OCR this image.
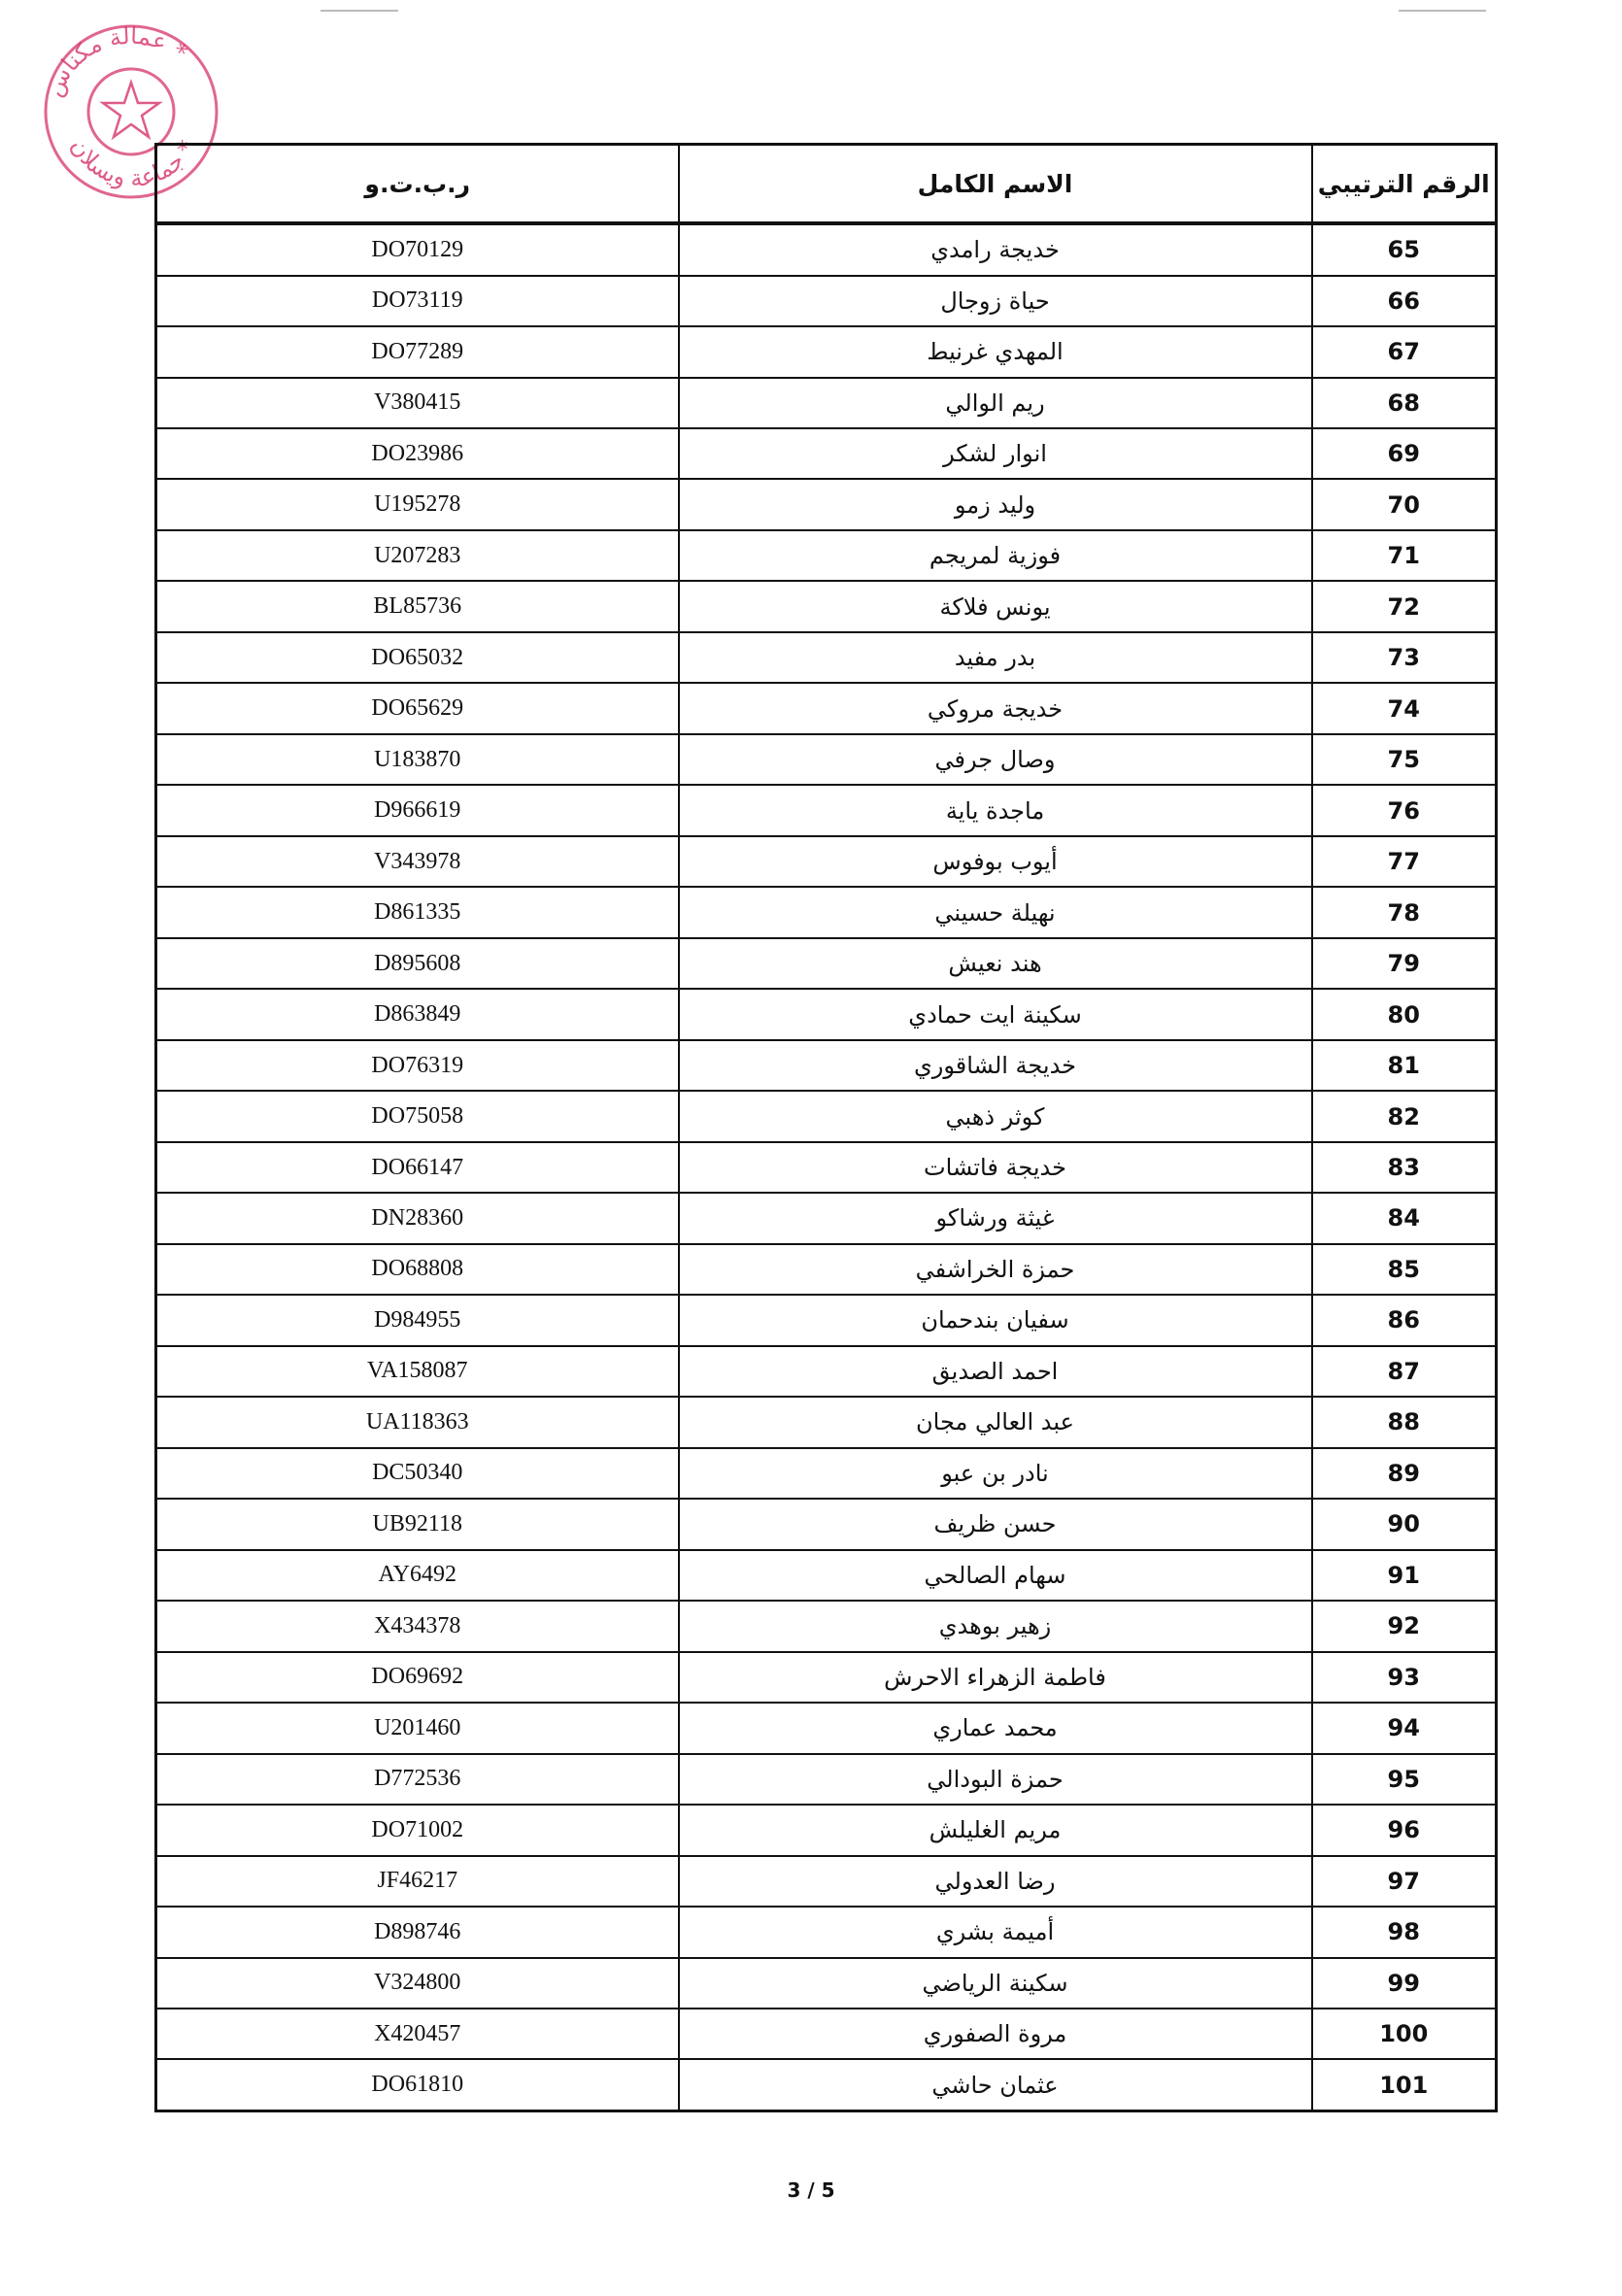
عمالة مكناس *
جماعة ويسلان *
الرقم الترتيبي	الاسم الكامل	ر.ب.ت.و
65	خديجة رامدي	DO70129
66	حياة زوجال	DO73119
67	المهدي غرنيط	DO77289
68	ريم الوالي	V380415
69	انوار لشكر	DO23986
70	وليد زمو	U195278
71	فوزية لمريجم	U207283
72	يونس فلاكة	BL85736
73	بدر مفيد	DO65032
74	خديجة مروكي	DO65629
75	وصال جرفي	U183870
76	ماجدة ياية	D966619
77	أيوب بوفوس	V343978
78	نهيلة حسيني	D861335
79	هند نعيش	D895608
80	سكينة ايت حمادي	D863849
81	خديجة الشاقوري	DO76319
82	كوثر ذهبي	DO75058
83	خديجة فاتشات	DO66147
84	غيثة ورشاكو	DN28360
85	حمزة الخراشفي	DO68808
86	سفيان بندحمان	D984955
87	احمد الصديق	VA158087
88	عبد العالي مجان	UA118363
89	نادر بن عبو	DC50340
90	حسن ظريف	UB92118
91	سهام الصالحي	AY6492
92	زهير بوهدي	X434378
93	فاطمة الزهراء الاحرش	DO69692
94	محمد عماري	U201460
95	حمزة البودالي	D772536
96	مريم الغليلش	DO71002
97	رضا العدولي	JF46217
98	أميمة بشري	D898746
99	سكينة الرياضي	V324800
100	مروة الصفوري	X420457
101	عثمان حاشي	DO61810
3 / 5
